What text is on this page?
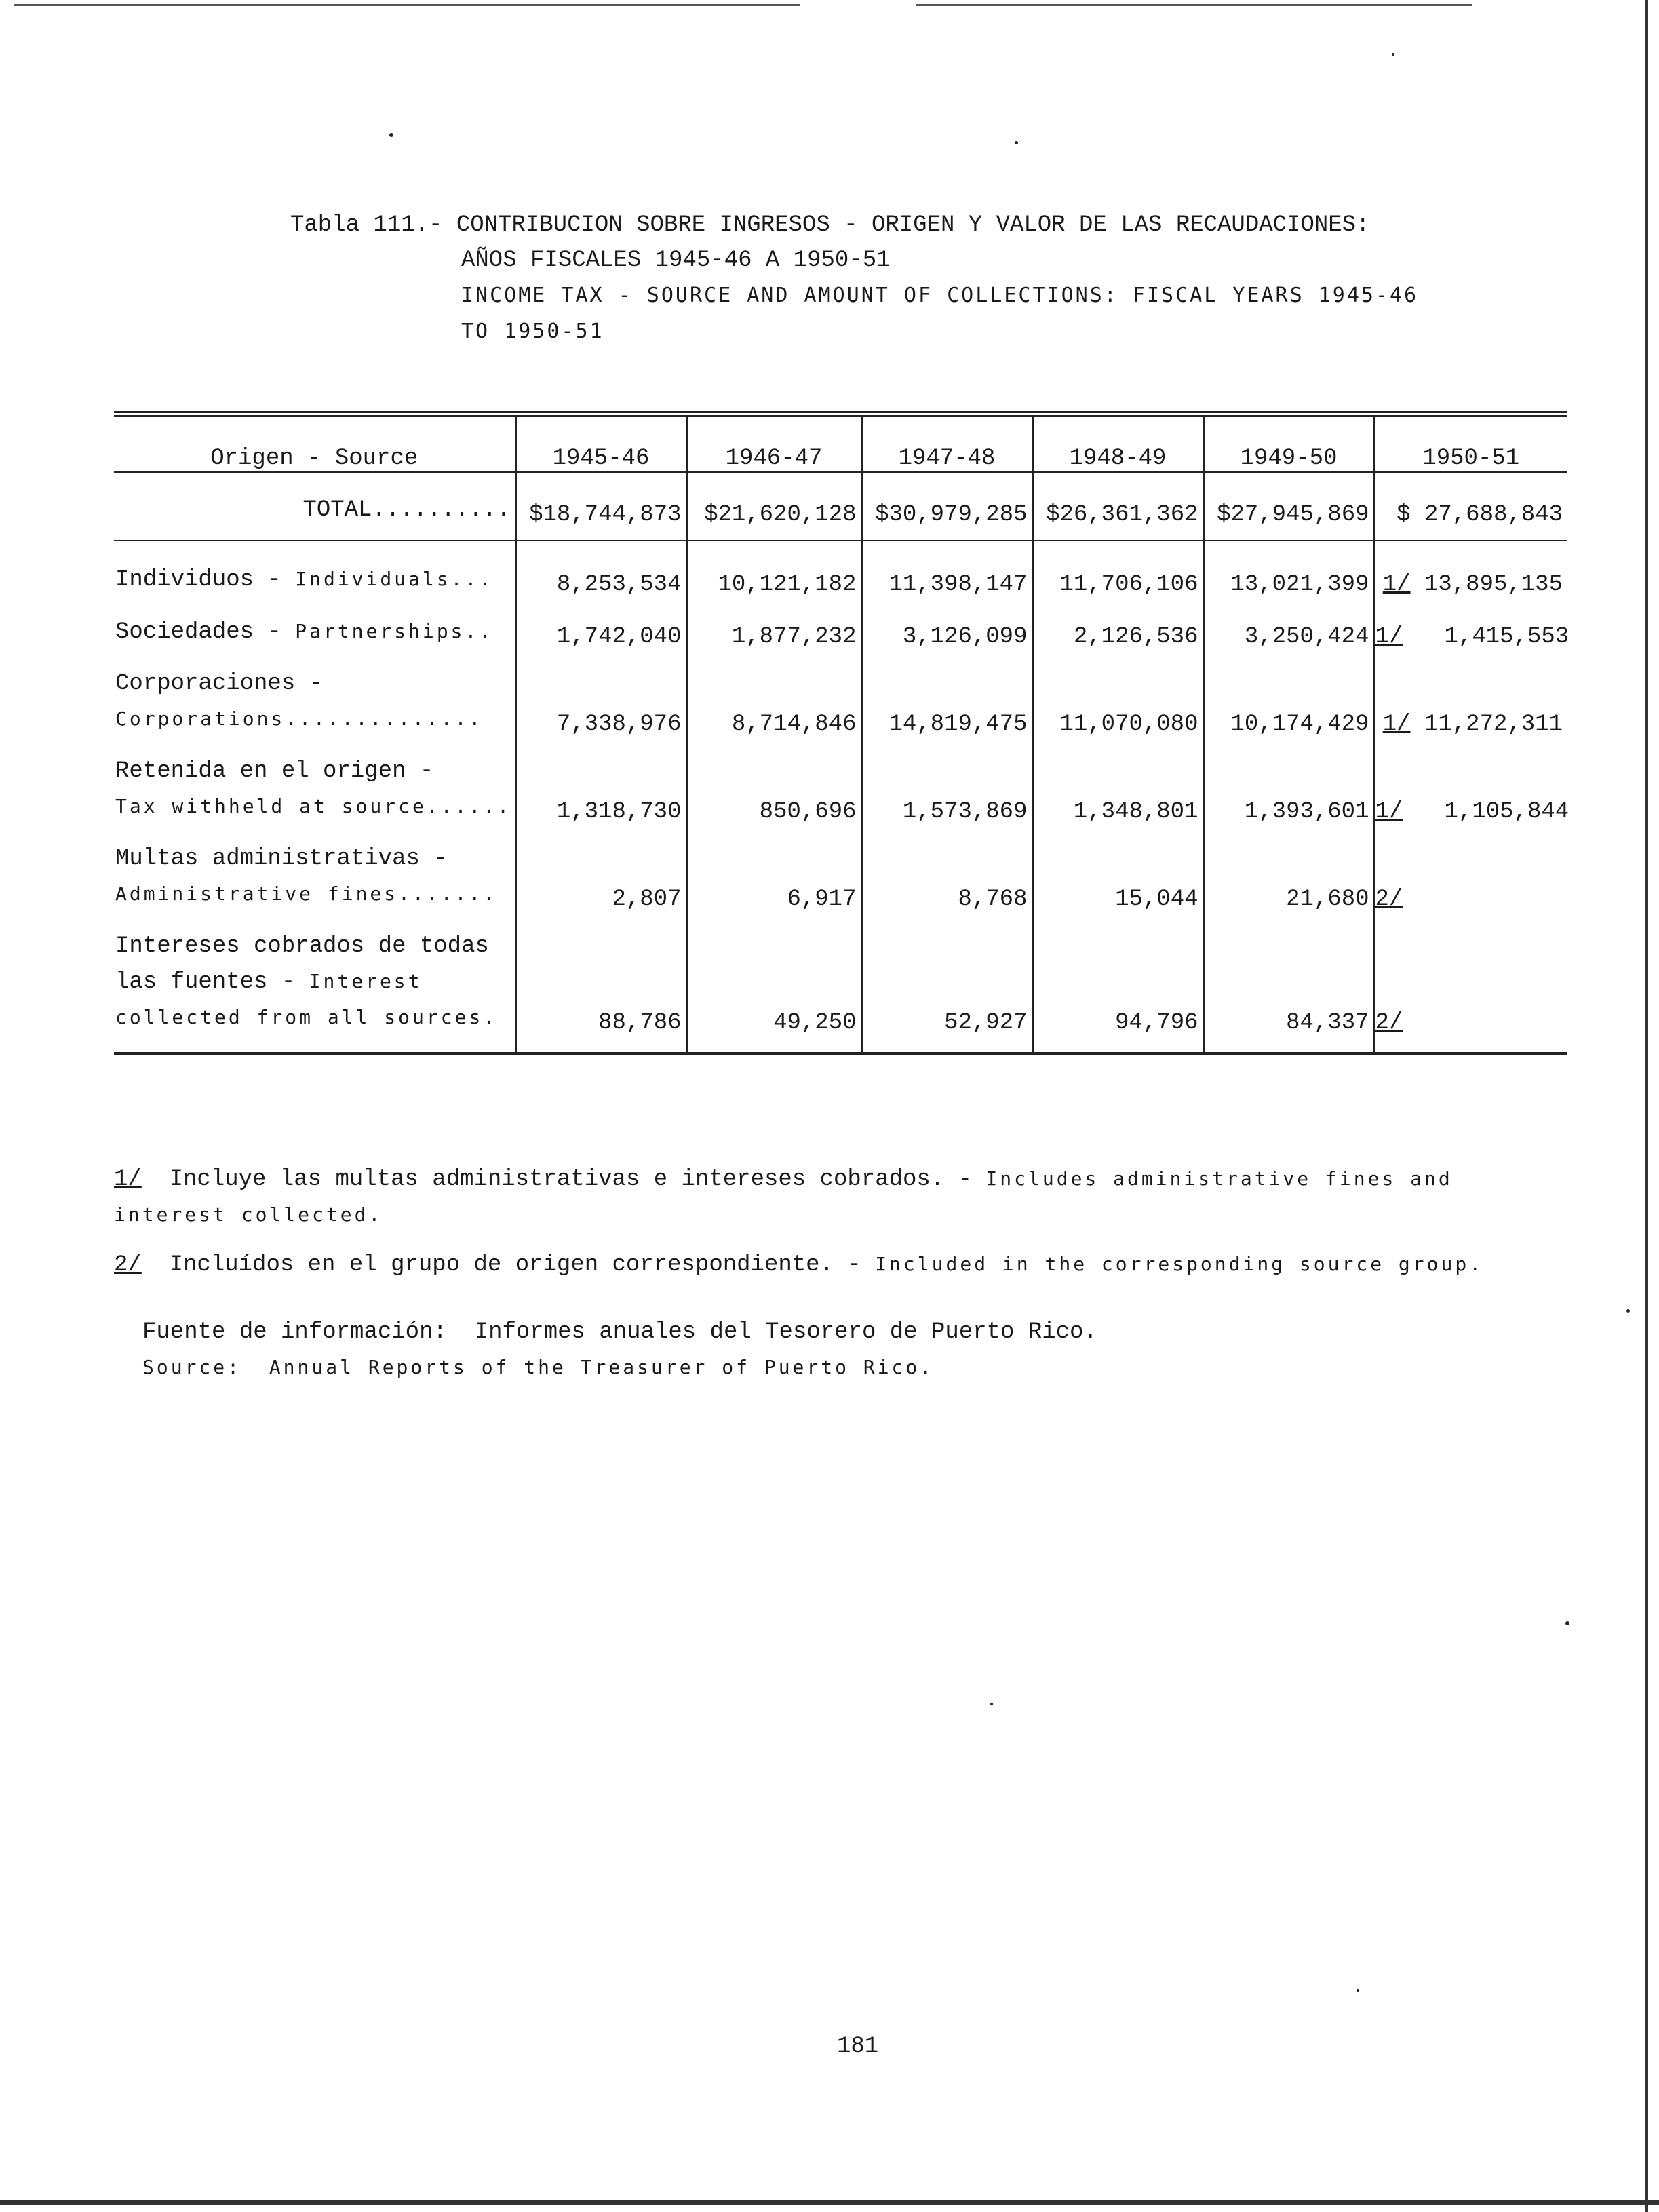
Tabla 111.- CONTRIBUCION SOBRE INGRESOS - ORIGEN Y VALOR DE LAS RECAUDACIONES:
AÑOS FISCALES 1945-46 A 1950-51
INCOME TAX - SOURCE AND AMOUNT OF COLLECTIONS: FISCAL YEARS 1945-46
TO 1950-51
Origen - Source	1945-46	1946-47	1947-48	1948-49	1949-50	1950-51

TOTAL..........	$18,744,873	$21,620,128	$30,979,285	$26,361,362	$27,945,869	$ 27,688,843
Individuos - Individuals...	8,253,534	10,121,182	11,398,147	11,706,106	13,021,399	1/ 13,895,135
Sociedades - Partnerships..	1,742,040	1,877,232	3,126,099	2,126,536	3,250,424	1/ 1,415,553
Corporaciones -
Corporations..............	7,338,976	8,714,846	14,819,475	11,070,080	10,174,429	1/ 11,272,311
Retenida en el origen -
Tax withheld at source......	1,318,730	850,696	1,573,869	1,348,801	1,393,601	1/ 1,105,844
Multas administrativas -
Administrative fines.......	2,807	6,917	8,768	15,044	21,680	2/
Intereses cobrados de todas
las fuentes - Interest
collected from all sources.	88,786	49,250	52,927	94,796	84,337	2/

1/ Incluye las multas administrativas e intereses cobrados. - Includes administrative fines and interest collected.

2/ Incluídos en el grupo de origen correspondiente. - Included in the corresponding source group.

Fuente de información: Informes anuales del Tesorero de Puerto Rico.
Source: Annual Reports of the Treasurer of Puerto Rico.
181
